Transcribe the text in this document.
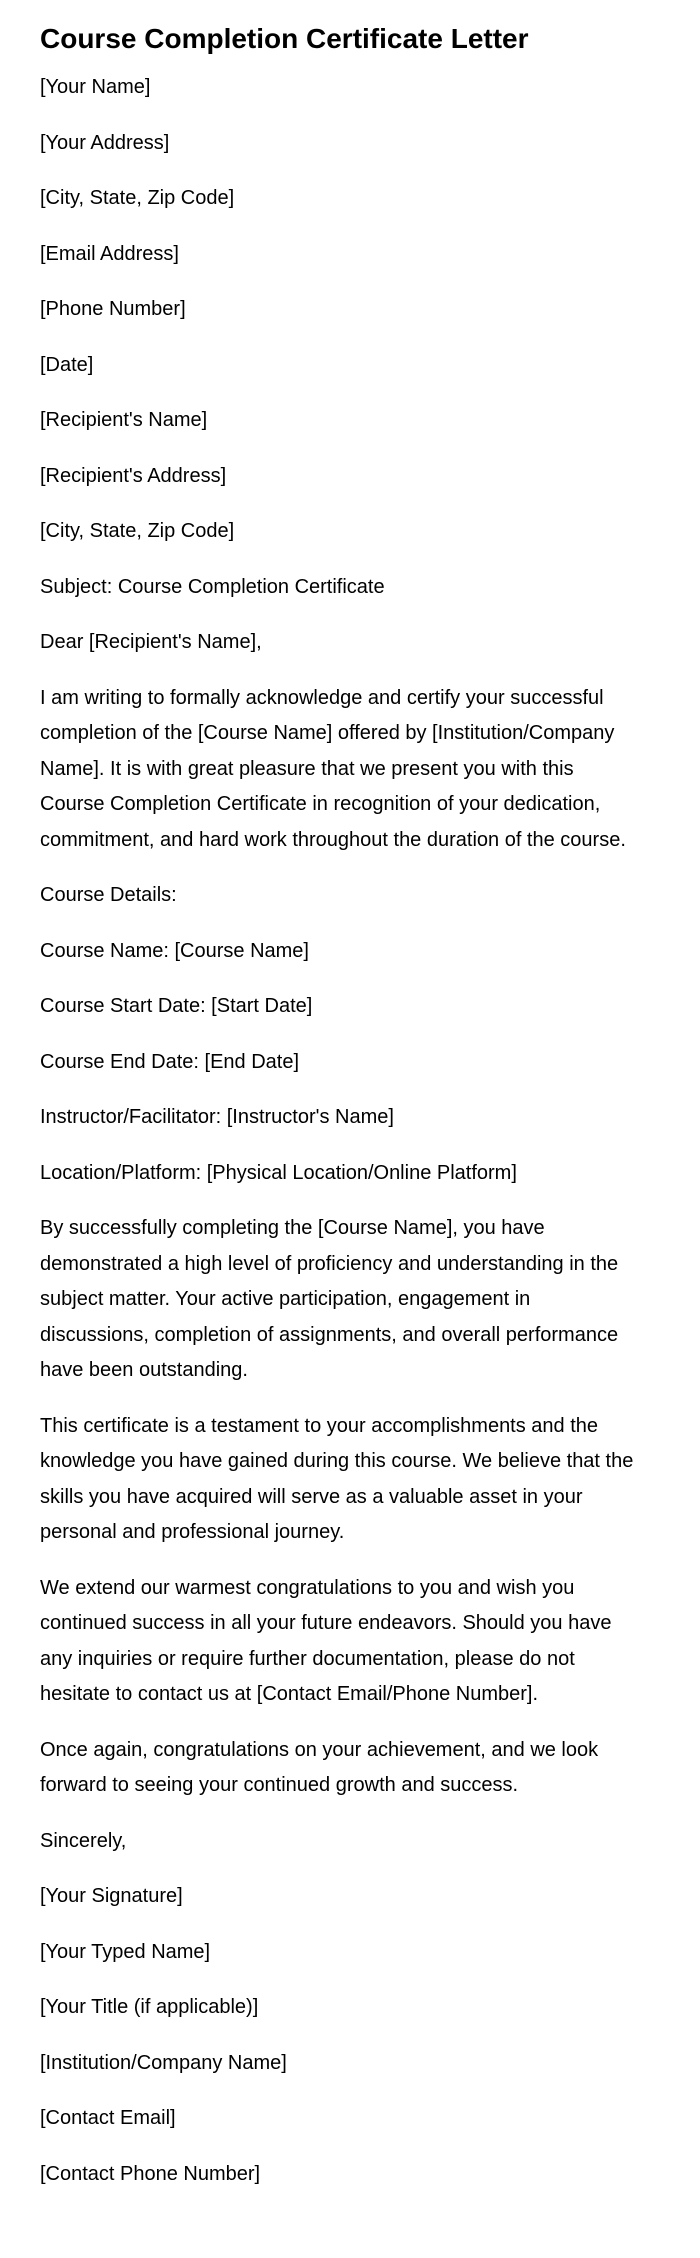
Course Completion Certificate Letter

[Your Name]

[Your Address]

[City, State, Zip Code]

[Email Address]

[Phone Number]

[Date]

[Recipient's Name]

[Recipient's Address]

[City, State, Zip Code]

Subject: Course Completion Certificate

Dear [Recipient's Name],

I am writing to formally acknowledge and certify your successful completion of the [Course Name] offered by [Institution/Company Name]. It is with great pleasure that we present you with this Course Completion Certificate in recognition of your dedication, commitment, and hard work throughout the duration of the course.

Course Details:

Course Name: [Course Name]

Course Start Date: [Start Date]

Course End Date: [End Date]

Instructor/Facilitator: [Instructor's Name]

Location/Platform: [Physical Location/Online Platform]

By successfully completing the [Course Name], you have demonstrated a high level of proficiency and understanding in the subject matter. Your active participation, engagement in discussions, completion of assignments, and overall performance have been outstanding.

This certificate is a testament to your accomplishments and the knowledge you have gained during this course. We believe that the skills you have acquired will serve as a valuable asset in your personal and professional journey.

We extend our warmest congratulations to you and wish you continued success in all your future endeavors. Should you have any inquiries or require further documentation, please do not hesitate to contact us at [Contact Email/Phone Number].

Once again, congratulations on your achievement, and we look forward to seeing your continued growth and success.

Sincerely,

[Your Signature]

[Your Typed Name]

[Your Title (if applicable)]

[Institution/Company Name]

[Contact Email]

[Contact Phone Number]
